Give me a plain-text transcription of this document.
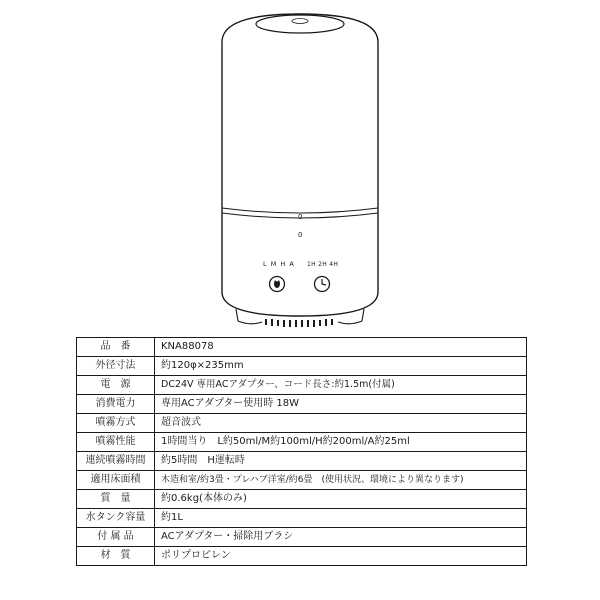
0
0
L M H A 1H 2H 4H
品　番	KNA88078
外径寸法	約120φ×235mm
電　源	DC24V 専用ACアダプター、コード長さ:約1.5m(付属)
消費電力	専用ACアダプター使用時 18W
噴霧方式	超音波式
噴霧性能	1時間当り　L約50ml/M約100ml/H約200ml/A約25ml
連続噴霧時間	約5時間　H運転時
適用床面積	木造和室/約3畳・プレハブ洋室/約6畳　(使用状況、環境により異なります)
質　量	約0.6kg(本体のみ)
水タンク容量	約1L
付 属 品	ACアダプター・掃除用ブラシ
材　質	ポリプロピレン
